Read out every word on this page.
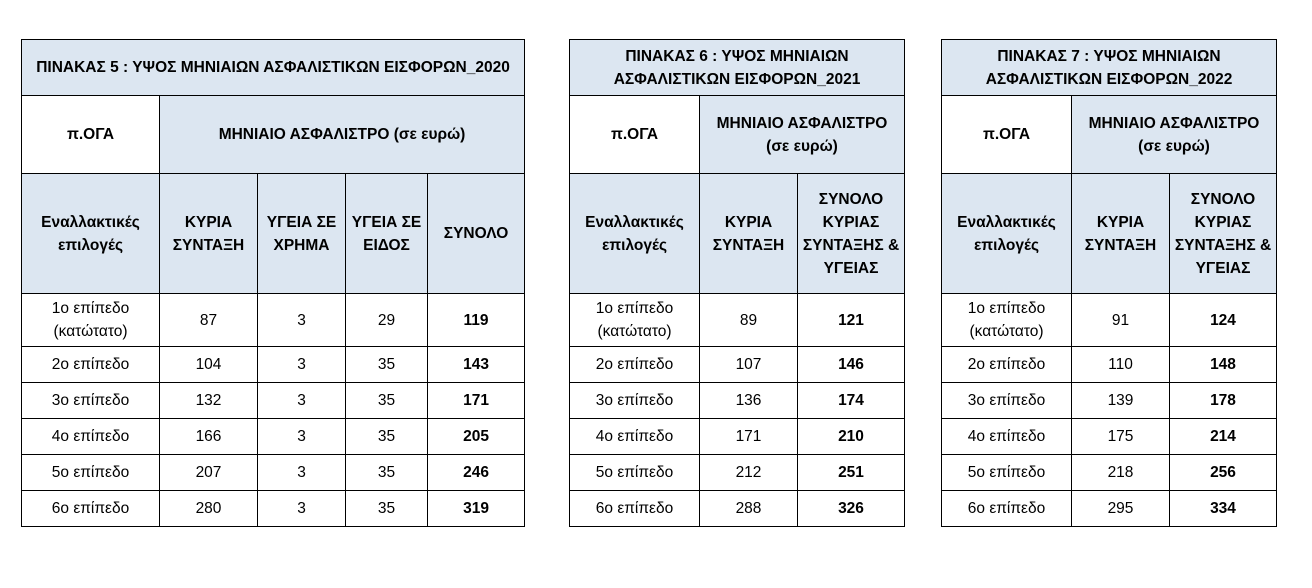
ΠΙΝΑΚΑΣ 5 : ΥΨΟΣ ΜΗΝΙΑΙΩΝ ΑΣΦΑΛΙΣΤΙΚΩΝ ΕΙΣΦΟΡΩΝ_2020				
π.ΟΓΑ	ΜΗΝΙΑΙΟ ΑΣΦΑΛΙΣΤΡΟ (σε ευρώ)			
Εναλλακτικές επιλογές	ΚΥΡΙΑ ΣΥΝΤΑΞΗ	ΥΓΕΙΑ ΣΕ ΧΡΗΜΑ	ΥΓΕΙΑ ΣΕ ΕΙΔΟΣ	ΣΥΝΟΛΟ
1ο επίπεδο (κατώτατο)	87	3	29	119
2ο επίπεδο	104	3	35	143
3ο επίπεδο	132	3	35	171
4ο επίπεδο	166	3	35	205
5ο επίπεδο	207	3	35	246
6ο επίπεδο	280	3	35	319
ΠΙΝΑΚΑΣ 6 : ΥΨΟΣ ΜΗΝΙΑΙΩΝ ΑΣΦΑΛΙΣΤΙΚΩΝ ΕΙΣΦΟΡΩΝ_2021		
π.ΟΓΑ	ΜΗΝΙΑΙΟ ΑΣΦΑΛΙΣΤΡΟ (σε ευρώ)	
Εναλλακτικές επιλογές	ΚΥΡΙΑ ΣΥΝΤΑΞΗ	ΣΥΝΟΛΟ ΚΥΡΙΑΣ ΣΥΝΤΑΞΗΣ & ΥΓΕΙΑΣ
1ο επίπεδο (κατώτατο)	89	121
2ο επίπεδο	107	146
3ο επίπεδο	136	174
4ο επίπεδο	171	210
5ο επίπεδο	212	251
6ο επίπεδο	288	326
ΠΙΝΑΚΑΣ 7 : ΥΨΟΣ ΜΗΝΙΑΙΩΝ ΑΣΦΑΛΙΣΤΙΚΩΝ ΕΙΣΦΟΡΩΝ_2022		
π.ΟΓΑ	ΜΗΝΙΑΙΟ ΑΣΦΑΛΙΣΤΡΟ (σε ευρώ)	
Εναλλακτικές επιλογές	ΚΥΡΙΑ ΣΥΝΤΑΞΗ	ΣΥΝΟΛΟ ΚΥΡΙΑΣ ΣΥΝΤΑΞΗΣ & ΥΓΕΙΑΣ
1ο επίπεδο (κατώτατο)	91	124
2ο επίπεδο	110	148
3ο επίπεδο	139	178
4ο επίπεδο	175	214
5ο επίπεδο	218	256
6ο επίπεδο	295	334
